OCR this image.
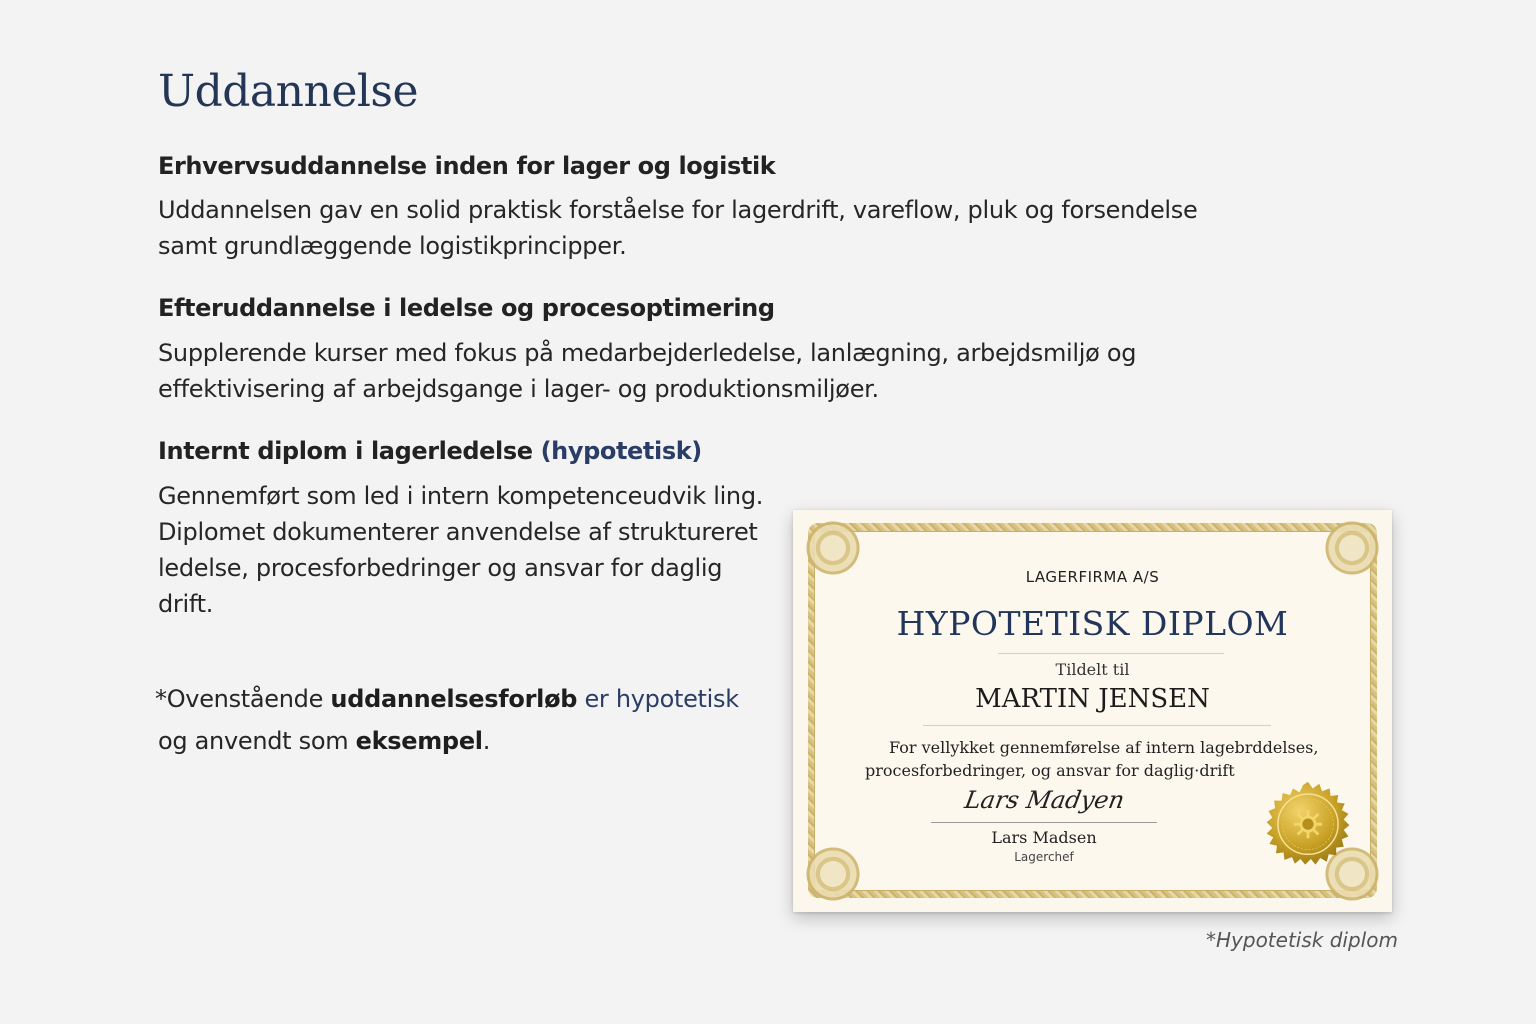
Uddannelse
Erhvervsuddannelse inden for lager og logistik
Uddannelsen gav en solid praktisk forståelse for lagerdrift, vareflow, pluk og forsendelse
samt grundlæggende logistikprincipper.
Efteruddannelse i ledelse og procesoptimering
Supplerende kurser med fokus på medarbejderledelse, lanlægning, arbejdsmiljø og
effektivisering af arbejdsgange i lager- og produktionsmiljøer.
Internt diplom i lagerledelse (hypotetisk)
Gennemført som led i intern kompetenceudvik ling.
Diplomet dokumenterer anvendelse af struktureret
ledelse, procesforbedringer og ansvar for daglig
drift.
*Ovenstående uddannelsesforløb er hypotetisk
og anvendt som eksempel.
LAGERFIRMA A/S
HYPOTETISK DIPLOM
Tildelt til
MARTIN JENSEN
For vellykket gennemførelse af intern lagebrddelses, procesforbedringer, og ansvar for daglig·drift
Lars Madyen
Lars Madsen
Lagerchef
*Hypotetisk diplom
